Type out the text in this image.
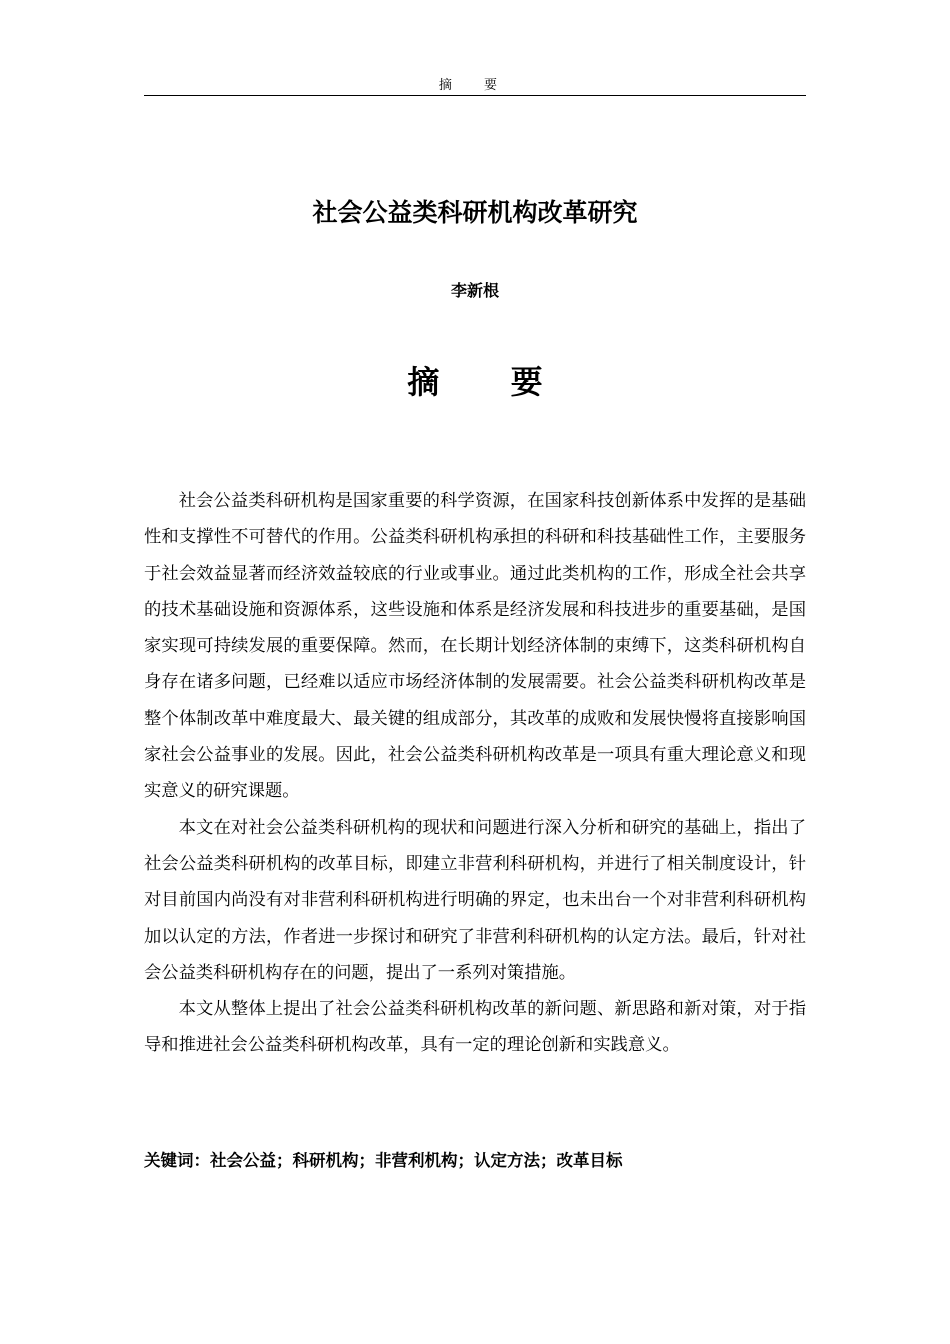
摘 要
社会公益类科研机构改革研究
李新根
摘 要

社会公益类科研机构是国家重要的科学资源，在国家科技创新体系中发挥的是基础性和支撑性不可替代的作用。公益类科研机构承担的科研和科技基础性工作，主要服务于社会效益显著而经济效益较底的行业或事业。通过此类机构的工作，形成全社会共享的技术基础设施和资源体系，这些设施和体系是经济发展和科技进步的重要基础，是国家实现可持续发展的重要保障。然而，在长期计划经济体制的束缚下，这类科研机构自身存在诸多问题，已经难以适应市场经济体制的发展需要。社会公益类科研机构改革是整个体制改革中难度最大、最关键的组成部分，其改革的成败和发展快慢将直接影响国家社会公益事业的发展。因此，社会公益类科研机构改革是一项具有重大理论意义和现实意义的研究课题。

本文在对社会公益类科研机构的现状和问题进行深入分析和研究的基础上，指出了社会公益类科研机构的改革目标，即建立非营利科研机构，并进行了相关制度设计，针对目前国内尚没有对非营利科研机构进行明确的界定，也未出台一个对非营利科研机构加以认定的方法，作者进一步探讨和研究了非营利科研机构的认定方法。最后，针对社会公益类科研机构存在的问题，提出了一系列对策措施。

本文从整体上提出了社会公益类科研机构改革的新问题、新思路和新对策，对于指导和推进社会公益类科研机构改革，具有一定的理论创新和实践意义。

关键词：社会公益；科研机构；非营利机构；认定方法；改革目标
